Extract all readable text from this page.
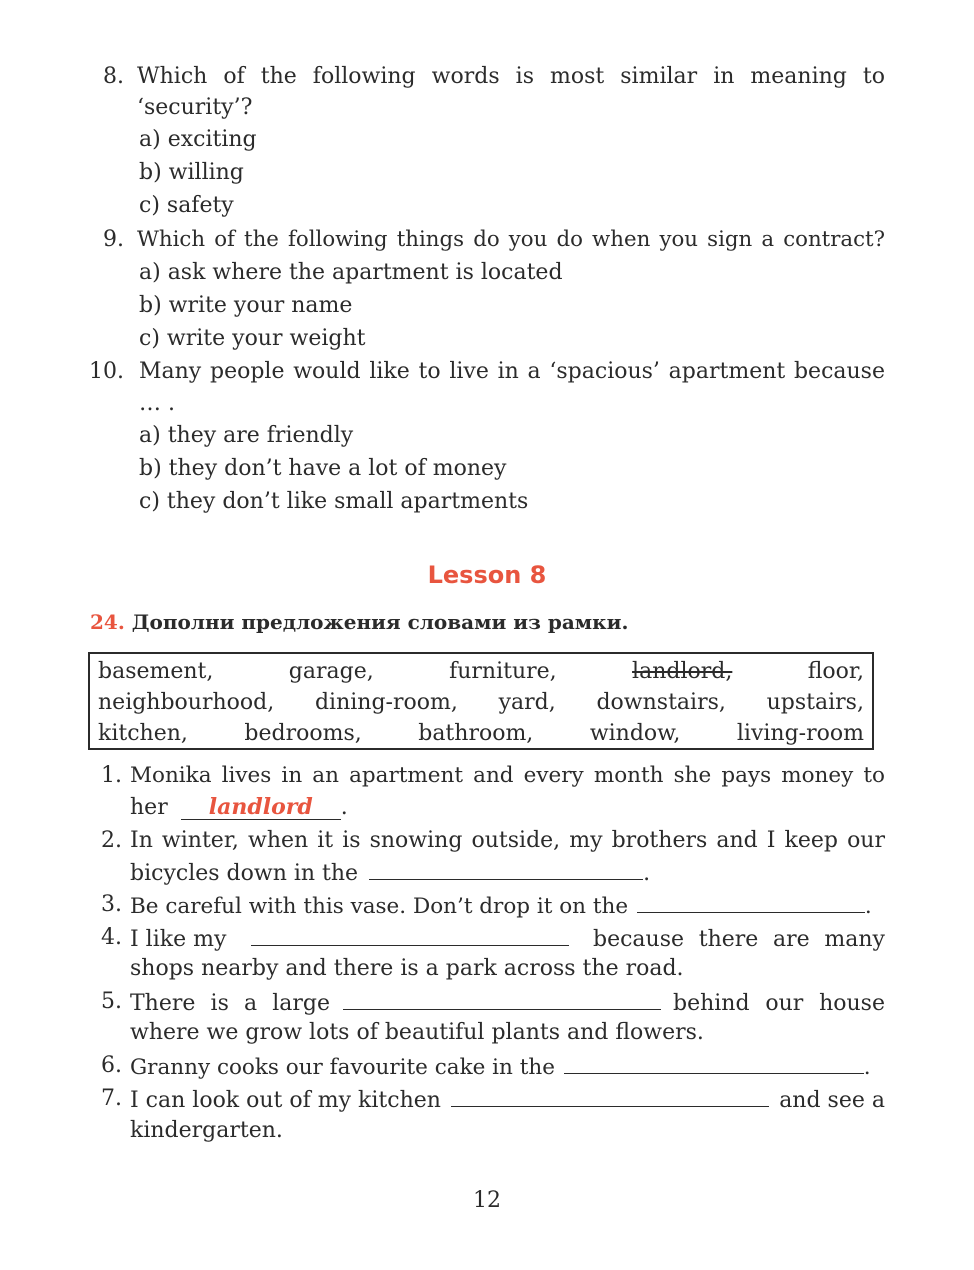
8. Which of the following words is most similar in meaning to
‘security’?
a) exciting
b) willing
c) safety
9. Which of the following things do you do when you sign a contract?
a) ask where the apartment is located
b) write your name
c) write your weight
10. Many people would like to live in a ‘spacious’ apartment because
… .
a) they are friendly
b) they don’t have a lot of money
c) they don’t like small apartments
Lesson 8
24. Дополни предложения словами из рамки.
basement,	garage,	furniture,	landlord,	floor,
neighbourhood, dining-room, yard, downstairs, upstairs,
kitchen,	bedrooms,	bathroom,	window,	living-room
1. Monika lives in an apartment and every month she pays money to
her landlord .
2. In winter, when it is snowing outside, my brothers and I keep our
bicycles down in the	.
3. Be careful with this vase. Don’t drop it on the	.
4. I like my	because there are many
shops nearby and there is a park across the road.
5. There is a large	behind our house
where we grow lots of beautiful plants and flowers.
6. Granny cooks our favourite cake in the	.
7. I can look out of my kitchen	and see a
kindergarten.
12
